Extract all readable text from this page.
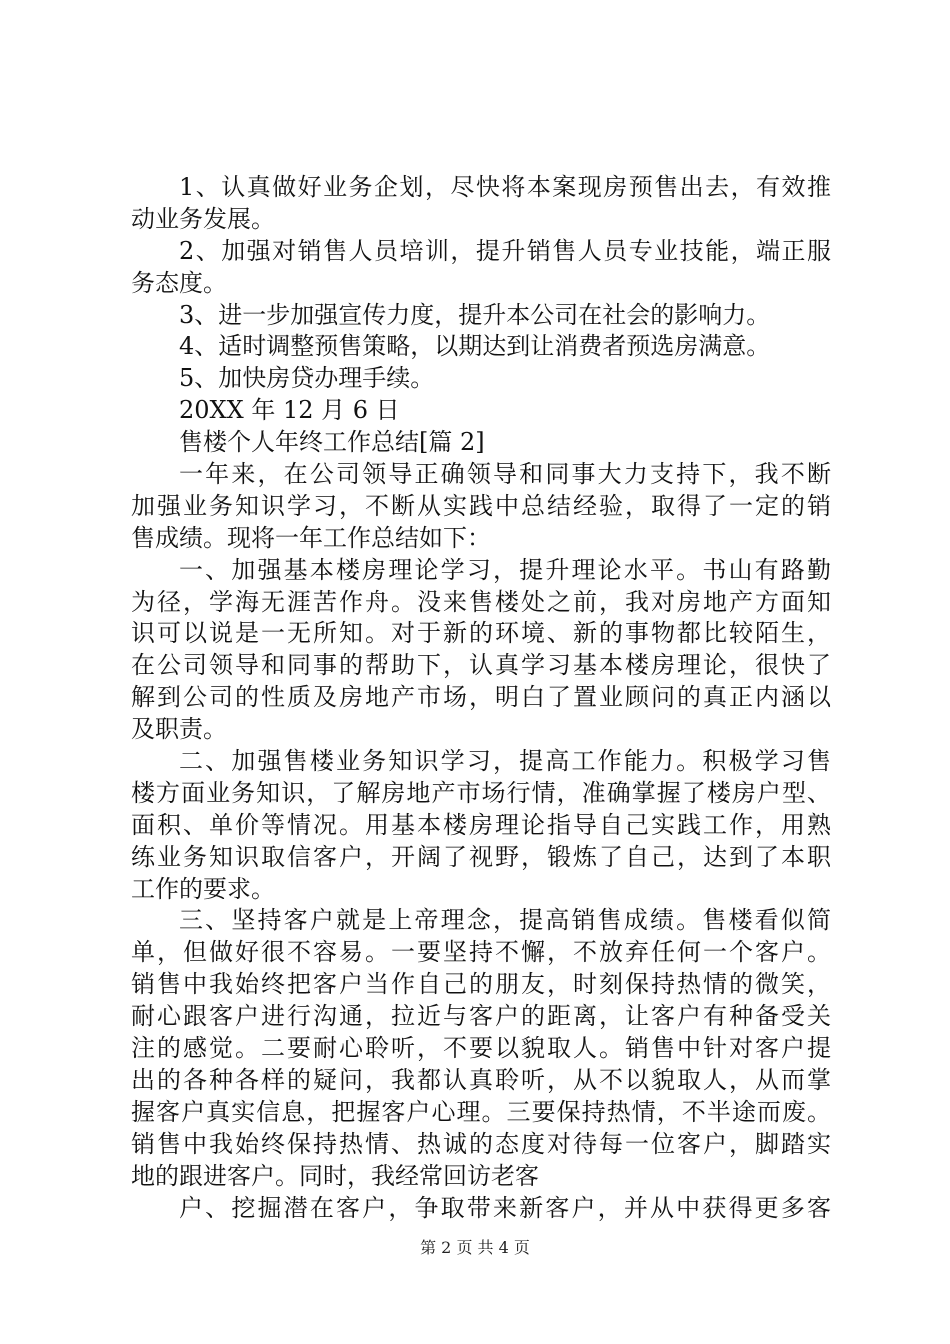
1、认真做好业务企划，尽快将本案现房预售出去，有效推
动业务发展。
2、加强对销售人员培训，提升销售人员专业技能，端正服
务态度。
3、进一步加强宣传力度，提升本公司在社会的影响力。
4、适时调整预售策略，以期达到让消费者预选房满意。
5、加快房贷办理手续。
20XX 年 12 月 6 日
售楼个人年终工作总结[篇 2]
一年来，在公司领导正确领导和同事大力支持下，我不断
加强业务知识学习，不断从实践中总结经验，取得了一定的销
售成绩。现将一年工作总结如下：
一、加强基本楼房理论学习，提升理论水平。书山有路勤
为径，学海无涯苦作舟。没来售楼处之前，我对房地产方面知
识可以说是一无所知。对于新的环境、新的事物都比较陌生，
在公司领导和同事的帮助下，认真学习基本楼房理论，很快了
解到公司的性质及房地产市场，明白了置业顾问的真正内涵以
及职责。
二、加强售楼业务知识学习，提高工作能力。积极学习售
楼方面业务知识，了解房地产市场行情，准确掌握了楼房户型、
面积、单价等情况。用基本楼房理论指导自己实践工作，用熟
练业务知识取信客户，开阔了视野，锻炼了自己，达到了本职
工作的要求。
三、坚持客户就是上帝理念，提高销售成绩。售楼看似简
单，但做好很不容易。一要坚持不懈，不放弃任何一个客户。
销售中我始终把客户当作自己的朋友，时刻保持热情的微笑，
耐心跟客户进行沟通，拉近与客户的距离，让客户有种备受关
注的感觉。二要耐心聆听，不要以貌取人。销售中针对客户提
出的各种各样的疑问，我都认真聆听，从不以貌取人，从而掌
握客户真实信息，把握客户心理。三要保持热情，不半途而废。
销售中我始终保持热情、热诚的态度对待每一位客户，脚踏实
地的跟进客户。同时，我经常回访老客
户、挖掘潜在客户，争取带来新客户，并从中获得更多客
第 2 页 共 4 页
